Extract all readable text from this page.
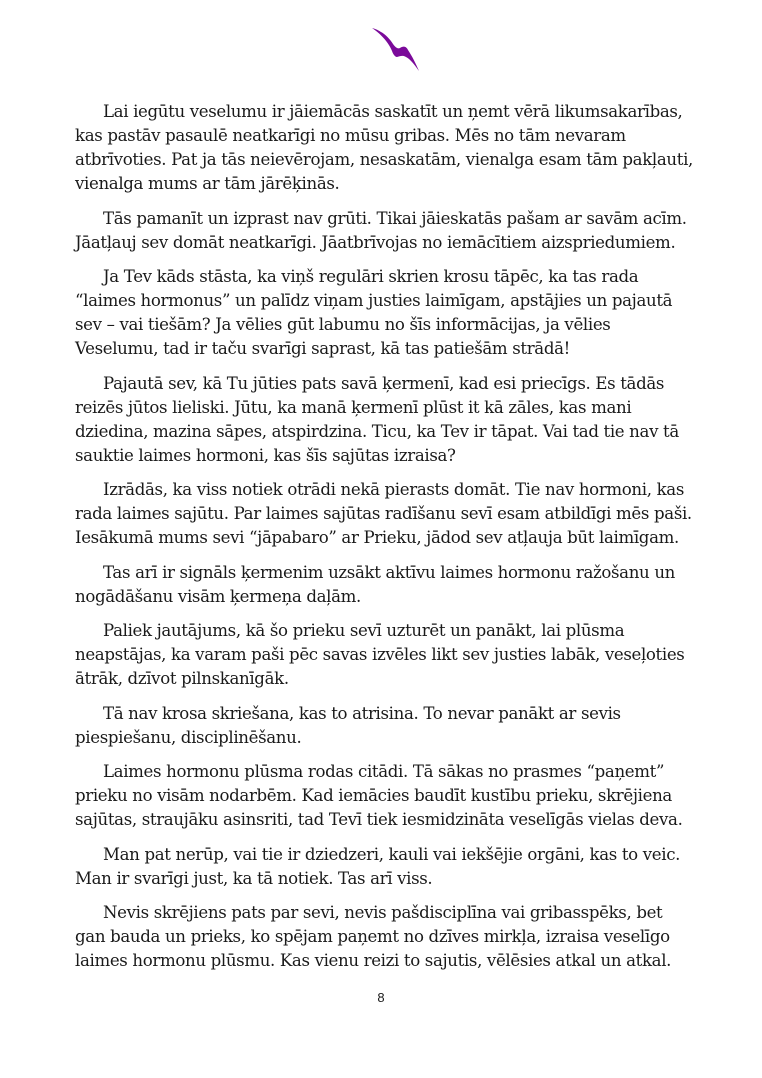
Lai iegūtu veselumu ir jāiemācās saskatīt un ņemt vērā likumsakarības, kas pastāv pasaulē neatkarīgi no mūsu gribas. Mēs no tām nevaram atbrīvoties. Pat ja tās neievērojam, nesaskatām, vienalga esam tām pakļauti, vienalga mums ar tām jārēķinās.

Tās pamanīt un izprast nav grūti. Tikai jāieskatās pašam ar savām acīm. Jāatļauj sev domāt neatkarīgi. Jāatbrīvojas no iemācītiem aizspriedumiem.

Ja Tev kāds stāsta, ka viņš regulāri skrien krosu tāpēc, ka tas rada “laimes hormonus” un palīdz viņam justies laimīgam, apstājies un pajautā sev – vai tiešām? Ja vēlies gūt labumu no šīs informācijas, ja vēlies Veselumu, tad ir taču svarīgi saprast, kā tas patiešām strādā!

Pajautā sev, kā Tu jūties pats savā ķermenī, kad esi priecīgs. Es tādās reizēs jūtos lieliski. Jūtu, ka manā ķermenī plūst it kā zāles, kas mani dziedina, mazina sāpes, atspirdzina. Ticu, ka Tev ir tāpat. Vai tad tie nav tā sauktie laimes hormoni, kas šīs sajūtas izraisa?

Izrādās, ka viss notiek otrādi nekā pierasts domāt. Tie nav hormoni, kas rada laimes sajūtu. Par laimes sajūtas radīšanu sevī esam atbildīgi mēs paši. Iesākumā mums sevi “jāpabaro” ar Prieku, jādod sev atļauja būt laimīgam.

Tas arī ir signāls ķermenim uzsākt aktīvu laimes hormonu ražošanu un nogādāšanu visām ķermeņa daļām.

Paliek jautājums, kā šo prieku sevī uzturēt un panākt, lai plūsma neapstājas, ka varam paši pēc savas izvēles likt sev justies labāk, veseļoties ātrāk, dzīvot pilnskanīgāk.

Tā nav krosa skriešana, kas to atrisina. To nevar panākt ar sevis piespiešanu, disciplinēšanu.

Laimes hormonu plūsma rodas citādi. Tā sākas no prasmes “paņemt” prieku no visām nodarbēm. Kad iemācies baudīt kustību prieku, skrējiena sajūtas, straujāku asinsriti, tad Tevī tiek iesmidzināta veselīgās vielas deva.

Man pat nerūp, vai tie ir dziedzeri, kauli vai iekšējie orgāni, kas to veic. Man ir svarīgi just, ka tā notiek. Tas arī viss.

Nevis skrējiens pats par sevi, nevis pašdisciplīna vai gribasspēks, bet gan bauda un prieks, ko spējam paņemt no dzīves mirkļa, izraisa veselīgo laimes hormonu plūsmu. Kas vienu reizi to sajutis, vēlēsies atkal un atkal.

8
